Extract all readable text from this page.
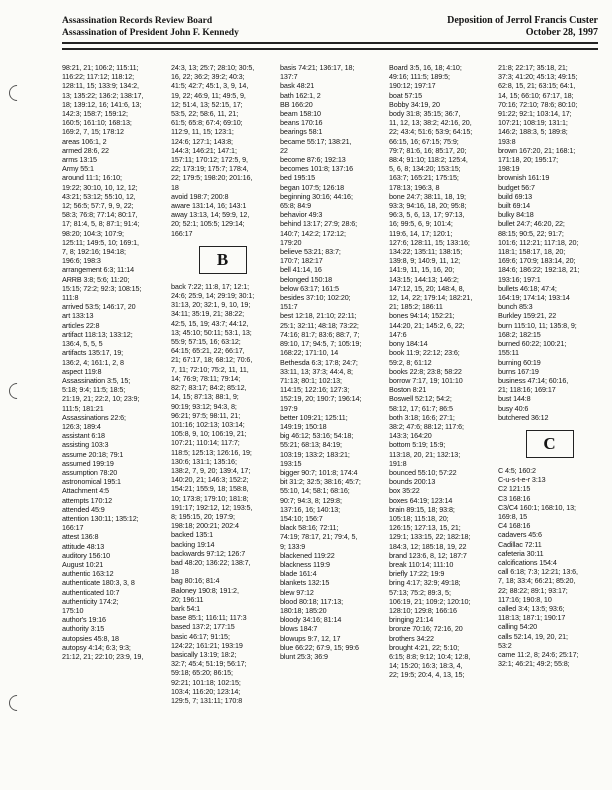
Assassination Records Review Board
Assassination of President John F. Kennedy
Deposition of Jerrol Francis Custer
October 28, 1997
98:21, 21; 106:2; 115:11;
116:22; 117:12; 118:12;
128:11, 15; 133:9; 134:2,
13; 135:22; 136:2; 138:17,
18; 139:12, 16; 141:6, 13;
142:3; 158:7; 159:12;
160:5; 161:10; 168:13;
169:2, 7, 15; 178:12
areas 106:1, 2
armed 28:6, 22
arms 13:15
Army 55:1
around 11:1; 16:10;
19:22; 30:10, 10, 12, 12;
43:21; 53:12; 55:10, 12,
12; 56:5; 57:7, 9, 9, 22;
58:3; 76:8; 77:14; 80:17,
17; 81:4, 5, 8; 87:1; 91:4;
98:20; 104:3; 107:9;
125:11; 149:5, 10; 169:1,
7, 8; 192:16; 194:18;
196:6; 198:3
arrangement 6:3; 11:14
ARRB 3:8; 5:6; 11:20;
15:15; 72:2; 92:3; 108:15;
111:8
arrived 53:5; 146:17, 20
art 133:13
articles 22:8
artifact 118:13; 133:12;
136:4, 5, 5, 5
artifacts 135:17, 19;
136:2, 4; 161:1, 2, 8
aspect 119:8
Assassination 3:5, 15;
5:18; 9:4; 11:5; 18:5;
21:19, 21; 22:2, 10; 23:9;
111:5; 181:21
Assassinations 22:6;
126:3; 189:4
assistant 6:18
assisting 103:3
assume 20:18; 79:1
assumed 199:19
assumption 78:20
astronomical 195:1
Attachment 4:5
attempts 170:12
attended 45:9
attention 130:11; 135:12;
166:17
attest 136:8
attitude 48:13
auditory 156:10
August 10:21
authentic 163:12
authenticate 180:3, 3, 8
authenticated 10:7
authenticity 174:2;
175:10
author's 19:16
authority 3:15
autopsies 45:8, 18
autopsy 4:14; 6:3; 9:3;
21:12, 21; 22:10; 23:9, 19,
24:3, 13; 25:7; 28:10; 30:5,
16, 22; 36:2; 39:2; 40:3;
41:5; 42:7; 45:1, 3, 9, 14,
19, 22; 46:9, 11; 49:5, 9,
12; 51:4, 13; 52:15, 17;
53:5, 22; 58:6, 11, 21;
61:5; 65:8; 67:4; 69:10;
112:9, 11, 15; 123:1;
124:6; 127:1; 143:8;
144:3; 146:21; 147:1;
157:11; 170:12; 172:5, 9,
22; 173:19; 175:7; 178:4,
22; 179:5; 198:20; 201:16,
18
avoid 198:7; 200:8
aware 131:14, 16; 143:1
away 13:13, 14; 59:9, 12,
20; 52:1; 105:5; 129:14;
166:17
B
back 7:22; 11:8, 17; 12:1;
24:6; 25:9, 14; 29:19; 30:1;
31:13, 20; 32:1, 9, 10, 19;
34:11; 35:19, 21; 38:22;
42:5, 15, 19; 43:7; 44:12,
13; 45:10; 50:11; 53:1, 13;
55:9; 57:15, 16; 63:12;
64:15; 65:21, 22; 66:17,
21; 67:17, 18; 68:12; 70:6,
7, 11; 72:10; 75:2, 11, 11,
14; 76:9; 78:11; 79:14;
82:7; 83:17; 84:2; 85:12,
14, 15; 87:13; 88:1, 9;
90:19; 93:12; 94:3, 8;
96:21; 97:5; 98:11, 21;
101:16; 102:13; 103:14;
105:8, 9, 10; 106:19, 21;
107:21; 110:14; 117:7;
118:5; 125:13; 126:16, 19;
130:6; 131:1; 135:16;
138:2, 7, 9, 20; 139:4, 17;
140:20, 21; 146:3; 152:2;
154:21; 155:9, 18; 158:8,
10; 173:8; 179:10; 181:8;
191:17; 192:12, 12; 193:5,
8; 195:15, 20; 197:9;
198:18; 200:21; 202:4
backed 135:1
backing 19:14
backwards 97:12; 126:7
bad 48:20; 136:22; 138:7,
18
bag 80:16; 81:4
Baloney 190:8; 191:2,
20; 196:11
bark 54:1
base 85:1; 116:11; 117:3
based 137:2; 177:15
basic 46:17; 91:15;
124:22; 161:21; 193:19
basically 13:19; 18:2;
32:7; 45:4; 51:19; 56:17;
59:18; 65:20; 86:15;
92:21; 101:18; 102:15;
103:4; 116:20; 123:14;
129:5, 7; 131:11; 170:8
basis 74:21; 136:17, 18;
137:7
bask 48:21
bath 162:1, 2
BB 166:20
beam 158:10
beans 170:16
bearings 58:1
became 55:17; 138:21,
22
become 87:6; 192:13
becomes 101:8; 137:16
bed 195:15
began 107:5; 126:18
beginning 30:16; 44:16;
65:8; 84:9
behavior 49:3
behind 13:17; 27:9; 28:6;
140:7; 142:2; 172:12;
179:20
believe 53:21; 83:7;
170:7; 182:17
bell 41:14, 16
belonged 150:18
below 63:17; 161:5
besides 37:10; 102:20;
151:7
best 12:18, 21:10; 22:11;
25:1; 32:11; 48:18; 73:22;
74:16; 81:7; 83:6; 88:7, 7;
89:10, 17; 94:5, 7; 105:19;
168:22; 171:10, 14
Bethesda 6:3; 17:8; 24:7;
33:11, 13; 37:3; 44:4, 8;
71:13; 80:1; 102:13;
114:15; 122:16; 127:3;
152:19, 20; 190:7; 196:14;
197:9
better 109:21; 125:11;
149:19; 150:18
big 46:12; 53:16; 54:18;
55:21; 68:13; 84:19;
103:19; 133:2; 183:21;
193:15
bigger 90:7; 101:8; 174:4
bit 31:2; 32:5; 38:16; 45:7;
55:10, 14; 58:1; 68:16;
90:7; 94:3, 8; 129:8;
137:16, 16; 140:13;
154:10; 156:7
black 58:16; 72:11;
74:19; 78:17, 21; 79:4, 5,
9; 133:9
blackened 119:22
blackness 119:9
blade 161:4
blankets 132:15
blew 97:12
blood 80:18; 117:13;
180:18; 185:20
bloody 34:16; 81:14
blows 184:7
blowups 9:7, 12, 17
blue 66:22; 67:9, 15; 99:6
blunt 25:3; 36:9
Board 3:5, 16, 18; 4:10;
49:16; 111:5; 189:5;
190:12; 197:17
boat 57:15
Bobby 34:19, 20
body 31:8; 35:15; 36:7,
11, 12, 13; 38:2; 42:16, 20,
22; 43:4; 51:6; 53:9; 64:15;
66:15, 16; 67:15; 75:9;
79:7; 81:6, 16; 85:17, 20;
88:4; 91:10; 118:2; 125:4,
5, 6, 8; 134:20; 153:15;
163:7; 165:21; 175:15;
178:13; 196:3, 8
bone 24:7; 38:11, 18, 19;
93:3; 94:16, 18, 20; 95:8;
96:3, 5, 6, 13, 17; 97:13,
16; 99:5, 6, 9; 101:4;
119:6, 14, 17; 120:1;
127:6; 128:11, 15; 133:16;
134:22; 135:11; 138:15;
139:8, 9; 140:9, 11, 12;
141:9, 11, 15, 16, 20;
143:15; 144:13; 146:2;
147:12, 15, 20; 148:4, 8,
12, 14, 22; 179:14; 182:21,
21; 185:2; 186:11
bones 94:14; 152:21;
144:20, 21; 145:2, 6, 22;
147:6
bony 184:14
book 11:9; 22:12; 23:6;
59:2, 8; 61:12
books 22:8; 23:8; 58:22
borrow 7:17, 19; 101:10
Boston 8:21
Boswell 52:12; 54:2;
58:12, 17; 61:7; 86:5
both 3:18; 16:6; 27:1;
38:2; 47:6; 88:12; 117:6;
143:3; 164:20
bottom 5:19; 15:9;
113:18, 20, 21; 132:13;
191:8
bounced 55:10; 57:22
bounds 200:13
box 35:22
boxes 64:19; 123:14
brain 89:15, 18; 93:8;
105:18; 115:18, 20;
126:15; 127:13, 15, 21;
129:1; 133:15, 22; 182:18;
184:3, 12; 185:18, 19, 22
brand 123:6, 8, 12; 187:7
break 110:14; 111:10
briefly 17:22; 19:9
bring 4:17; 32:9; 49:18;
57:13; 75:2; 89:3, 5;
106:19, 21; 109:2; 120:10;
128:10; 129:8; 166:16
bringing 21:14
bronze 70:16; 72:16, 20
brothers 34:22
brought 4:21, 22; 5:10;
6:15; 8:8; 9:12; 10:4; 12:8,
14; 15:20; 16:3; 18:3, 4,
22; 19:5; 20:4, 4, 13, 15;
21:8; 22:17; 35:18, 21;
37:3; 41:20; 45:13; 49:15;
62:8, 15, 21; 63:15; 64:1,
14, 15; 66:10; 67:17, 18;
70:16; 72:10; 78:6; 80:10;
91:22; 92:1; 103:14, 17;
107:21; 108:19; 131:1;
146:2; 188:3, 5; 189:8;
193:8
brown 167:20, 21; 168:1;
171:18, 20; 195:17;
198:19
brownish 161:19
budget 56:7
build 69:13
built 69:14
bulky 84:18
bullet 24:7; 46:20, 22;
88:15; 90:5, 22; 91:7;
101:6; 112:21; 117:18, 20;
118:1; 158:17, 18, 20;
169:6; 170:9; 183:14, 20;
184:6; 186:22; 192:18, 21;
193:16; 197:1
bullets 46:18; 47:4;
164:19; 174:14; 193:14
bunch 85:3
Burkley 159:21, 22
burn 115:10, 11; 135:8, 9;
168:2; 182:15
burned 60:22; 100:21;
155:11
burning 60:19
burns 167:19
business 47:14; 60:16,
21; 118:16; 169:17
bust 144:8
busy 40:6
butchered 36:12
C
C 4:5; 160:2
C-u-s-t-e-r 3:13
C2 121:15
C3 168:16
C3/C4 160:1; 168:10, 13;
169:8, 15
C4 168:16
cadavers 45:6
Cadillac 72:11
cafeteria 30:11
calcifications 154:4
call 6:18; 7:3; 12:21; 13:6,
7, 18; 33:4; 66:21; 85:20,
22; 88:22; 89:1; 93:17;
117:16; 190:8, 10
called 3:4; 13:5; 93:6;
118:13; 187:1; 190:17
calling 54:20
calls 52:14, 19, 20, 21;
53:2
came 11:2, 8; 24:6; 25:17;
32:1; 46:21; 49:2; 55:8;
